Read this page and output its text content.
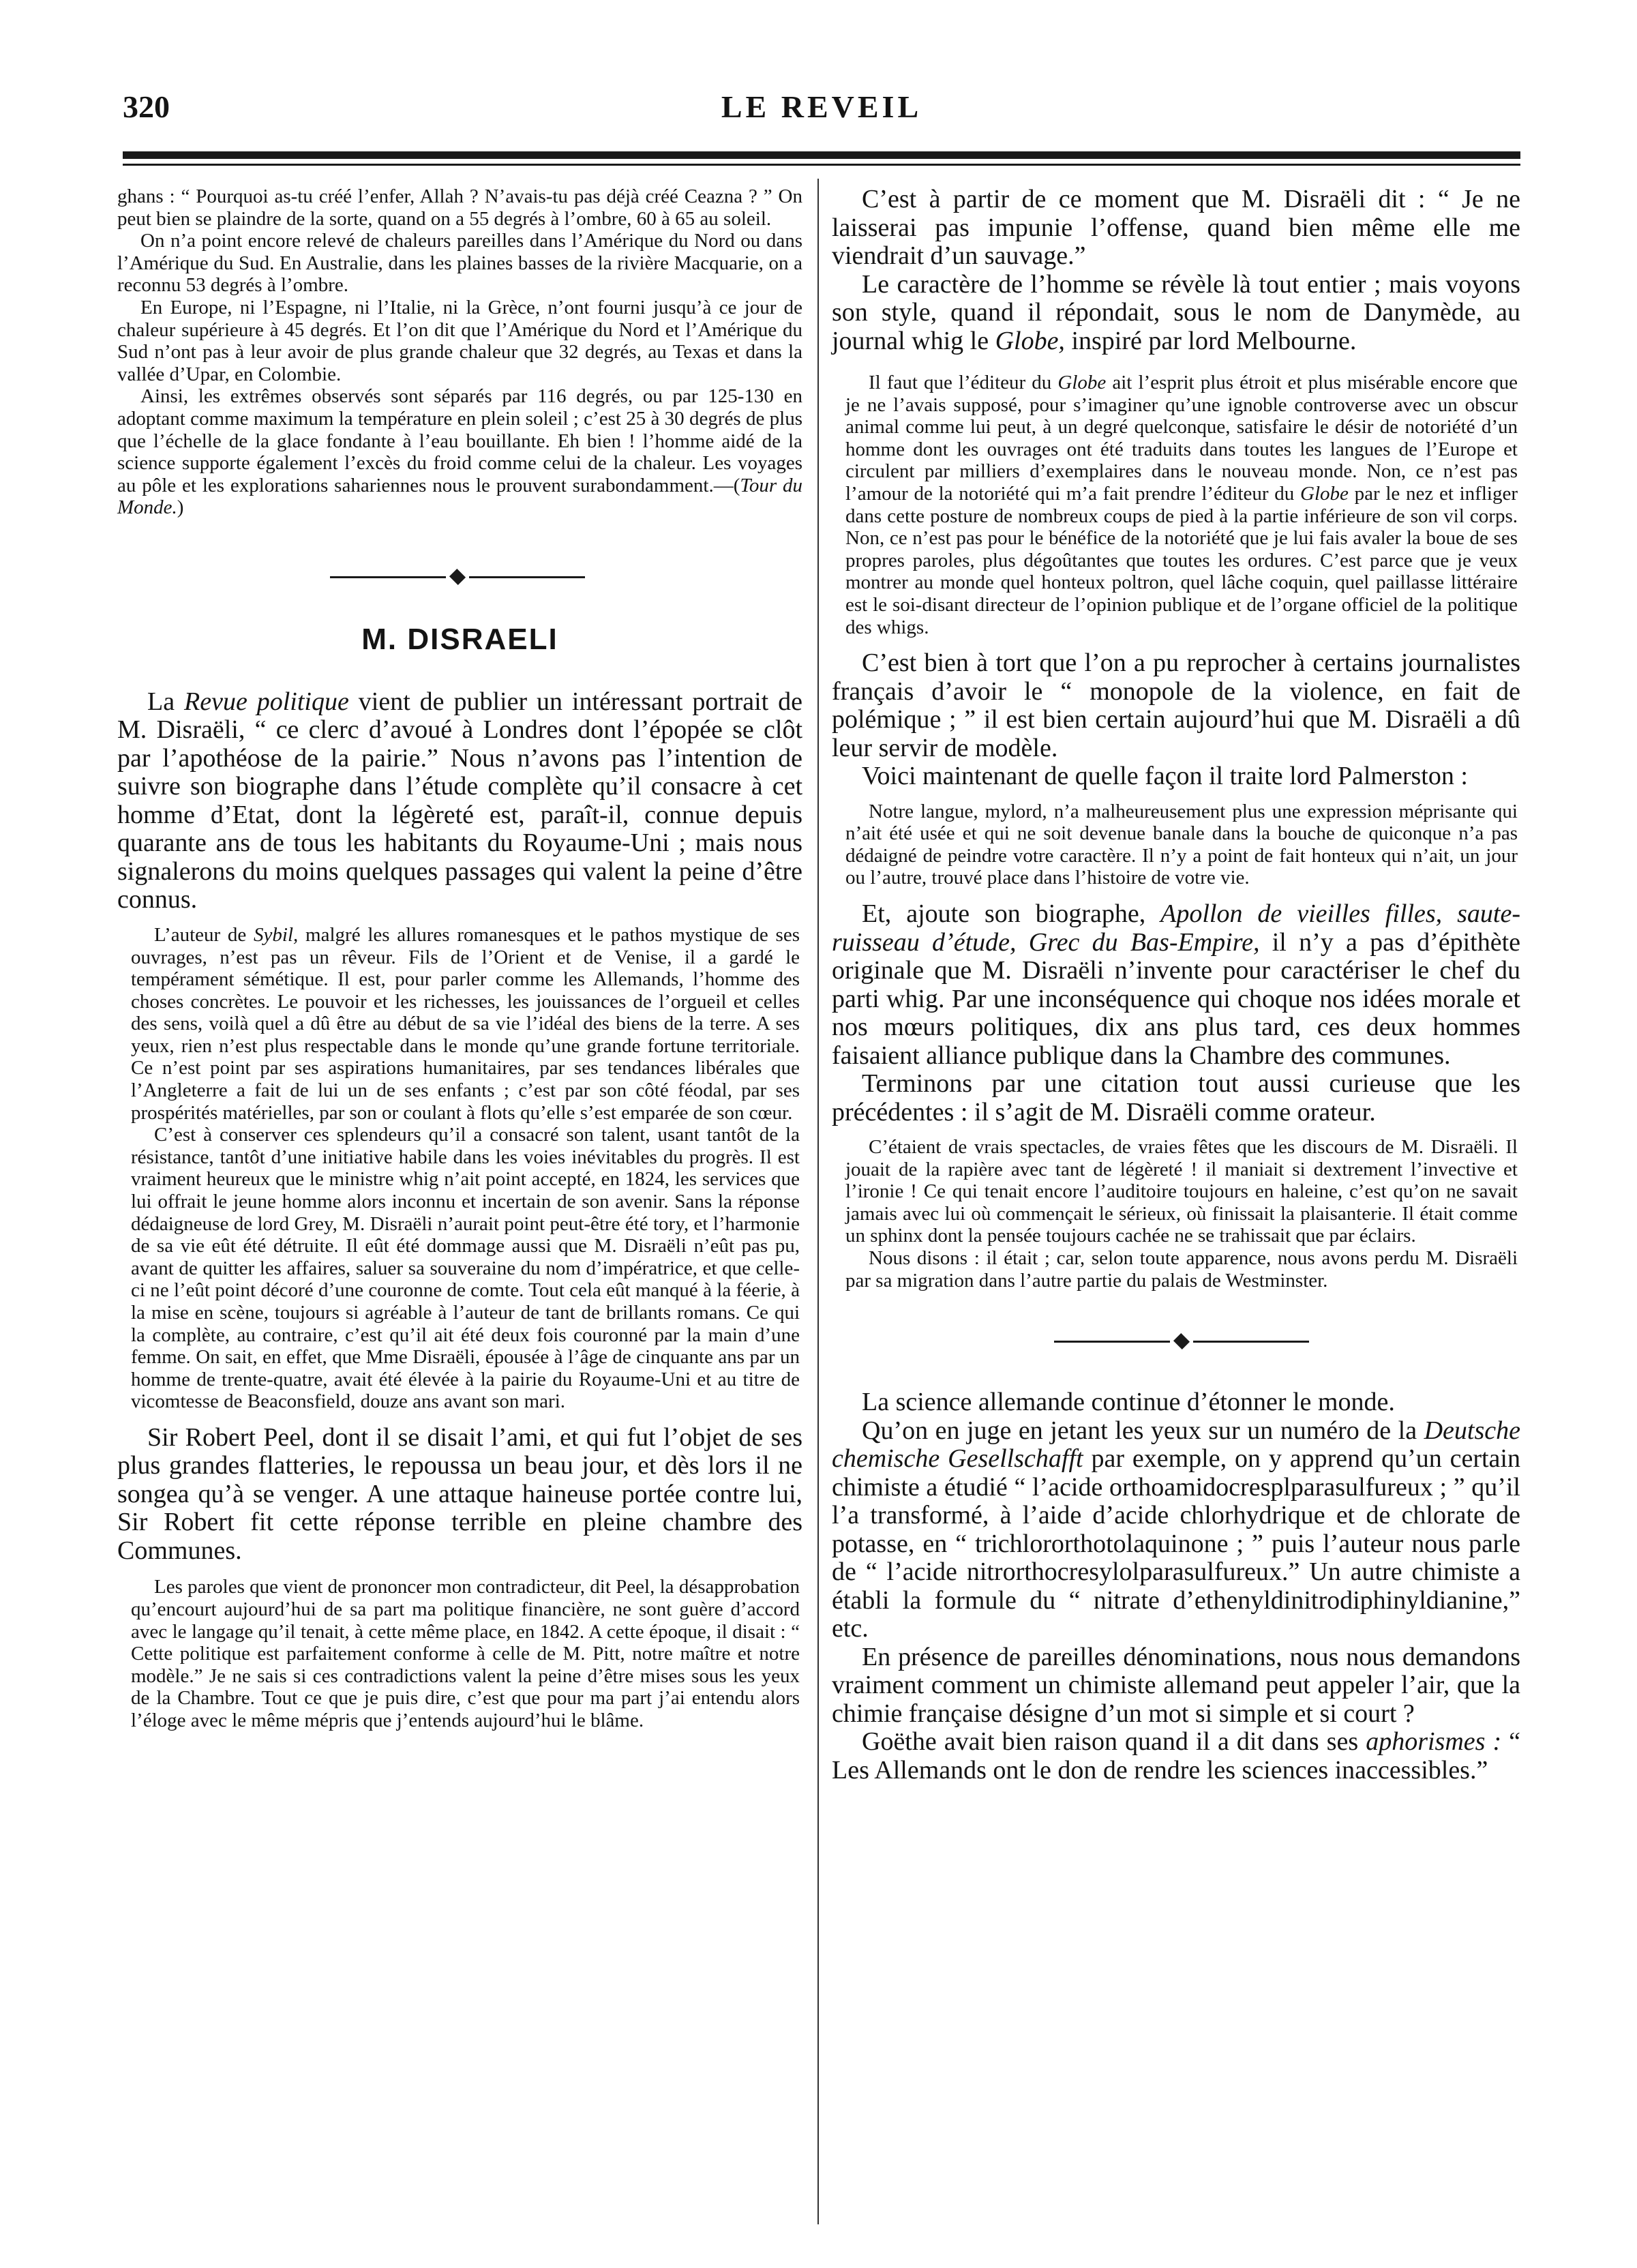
320	LE REVEIL

ghans : “ Pourquoi as-tu créé l’enfer, Allah ? N’avais-tu pas déjà créé Ceazna ? ” On peut bien se plaindre de la sorte, quand on a 55 degrés à l’ombre, 60 à 65 au soleil.

On n’a point encore relevé de chaleurs pareilles dans l’Amérique du Nord ou dans l’Amérique du Sud. En Australie, dans les plaines basses de la rivière Macquarie, on a reconnu 53 degrés à l’ombre.

En Europe, ni l’Espagne, ni l’Italie, ni la Grèce, n’ont fourni jusqu’à ce jour de chaleur supérieure à 45 degrés. Et l’on dit que l’Amérique du Nord et l’Amérique du Sud n’ont pas à leur avoir de plus grande chaleur que 32 degrés, au Texas et dans la vallée d’Upar, en Colombie.

Ainsi, les extrêmes observés sont séparés par 116 degrés, ou par 125-130 en adoptant comme maximum la température en plein soleil ; c’est 25 à 30 degrés de plus que l’échelle de la glace fondante à l’eau bouillante. Eh bien ! l’homme aidé de la science supporte également l’excès du froid comme celui de la chaleur. Les voyages au pôle et les explorations sahariennes nous le prouvent surabondamment.—(Tour du Monde.)

M. DISRAELI

La Revue politique vient de publier un intéressant portrait de M. Disraëli, “ ce clerc d’avoué à Londres dont l’épopée se clôt par l’apothéose de la pairie.” Nous n’avons pas l’intention de suivre son biographe dans l’étude complète qu’il consacre à cet homme d’Etat, dont la légèreté est, paraît-il, connue depuis quarante ans de tous les habitants du Royaume-Uni ; mais nous signalerons du moins quelques passages qui valent la peine d’être connus.

L’auteur de Sybil, malgré les allures romanesques et le pathos mystique de ses ouvrages, n’est pas un rêveur. Fils de l’Orient et de Venise, il a gardé le tempérament sémétique. Il est, pour parler comme les Allemands, l’homme des choses concrètes. Le pouvoir et les richesses, les jouissances de l’orgueil et celles des sens, voilà quel a dû être au début de sa vie l’idéal des biens de la terre. A ses yeux, rien n’est plus respectable dans le monde qu’une grande fortune territoriale. Ce n’est point par ses aspirations humanitaires, par ses tendances libérales que l’Angleterre a fait de lui un de ses enfants ; c’est par son côté féodal, par ses prospérités matérielles, par son or coulant à flots qu’elle s’est emparée de son cœur.

C’est à conserver ces splendeurs qu’il a consacré son talent, usant tantôt de la résistance, tantôt d’une initiative habile dans les voies inévitables du progrès. Il est vraiment heureux que le ministre whig n’ait point accepté, en 1824, les services que lui offrait le jeune homme alors inconnu et incertain de son avenir. Sans la réponse dédaigneuse de lord Grey, M. Disraëli n’aurait point peut-être été tory, et l’harmonie de sa vie eût été détruite. Il eût été dommage aussi que M. Disraëli n’eût pas pu, avant de quitter les affaires, saluer sa souveraine du nom d’impératrice, et que celle-ci ne l’eût point décoré d’une couronne de comte. Tout cela eût manqué à la féerie, à la mise en scène, toujours si agréable à l’auteur de tant de brillants romans. Ce qui la complète, au contraire, c’est qu’il ait été deux fois couronné par la main d’une femme. On sait, en effet, que Mme Disraëli, épousée à l’âge de cinquante ans par un homme de trente-quatre, avait été élevée à la pairie du Royaume-Uni et au titre de vicomtesse de Beaconsfield, douze ans avant son mari.

Sir Robert Peel, dont il se disait l’ami, et qui fut l’objet de ses plus grandes flatteries, le repoussa un beau jour, et dès lors il ne songea qu’à se venger. A une attaque haineuse portée contre lui, Sir Robert fit cette réponse terrible en pleine chambre des Communes.

Les paroles que vient de prononcer mon contradicteur, dit Peel, la désapprobation qu’encourt aujourd’hui de sa part ma politique financière, ne sont guère d’accord avec le langage qu’il tenait, à cette même place, en 1842. A cette époque, il disait : “ Cette politique est parfaitement conforme à celle de M. Pitt, notre maître et notre modèle.” Je ne sais si ces contradictions valent la peine d’être mises sous les yeux de la Chambre. Tout ce que je puis dire, c’est que pour ma part j’ai entendu alors l’éloge avec le même mépris que j’entends aujourd’hui le blâme.

C’est à partir de ce moment que M. Disraëli dit : “ Je ne laisserai pas impunie l’offense, quand bien même elle me viendrait d’un sauvage.”

Le caractère de l’homme se révèle là tout entier ; mais voyons son style, quand il répondait, sous le nom de Danymède, au journal whig le Globe, inspiré par lord Melbourne.

Il faut que l’éditeur du Globe ait l’esprit plus étroit et plus misérable encore que je ne l’avais supposé, pour s’imaginer qu’une ignoble controverse avec un obscur animal comme lui peut, à un degré quelconque, satisfaire le désir de notoriété d’un homme dont les ouvrages ont été traduits dans toutes les langues de l’Europe et circulent par milliers d’exemplaires dans le nouveau monde. Non, ce n’est pas l’amour de la notoriété qui m’a fait prendre l’éditeur du Globe par le nez et infliger dans cette posture de nombreux coups de pied à la partie inférieure de son vil corps. Non, ce n’est pas pour le bénéfice de la notoriété que je lui fais avaler la boue de ses propres paroles, plus dégoûtantes que toutes les ordures. C’est parce que je veux montrer au monde quel honteux poltron, quel lâche coquin, quel paillasse littéraire est le soi-disant directeur de l’opinion publique et de l’organe officiel de la politique des whigs.

C’est bien à tort que l’on a pu reprocher à certains journalistes français d’avoir le “ monopole de la violence, en fait de polémique ; ” il est bien certain aujourd’hui que M. Disraëli a dû leur servir de modèle.

Voici maintenant de quelle façon il traite lord Palmerston :

Notre langue, mylord, n’a malheureusement plus une expression méprisante qui n’ait été usée et qui ne soit devenue banale dans la bouche de quiconque n’a pas dédaigné de peindre votre caractère. Il n’y a point de fait honteux qui n’ait, un jour ou l’autre, trouvé place dans l’histoire de votre vie.

Et, ajoute son biographe, Apollon de vieilles filles, saute-ruisseau d’étude, Grec du Bas-Empire, il n’y a pas d’épithète originale que M. Disraëli n’invente pour caractériser le chef du parti whig. Par une inconséquence qui choque nos idées morale et nos mœurs politiques, dix ans plus tard, ces deux hommes faisaient alliance publique dans la Chambre des communes.

Terminons par une citation tout aussi curieuse que les précédentes : il s’agit de M. Disraëli comme orateur.

C’étaient de vrais spectacles, de vraies fêtes que les discours de M. Disraëli. Il jouait de la rapière avec tant de légèreté ! il maniait si dextrement l’invective et l’ironie ! Ce qui tenait encore l’auditoire toujours en haleine, c’est qu’on ne savait jamais avec lui où commençait le sérieux, où finissait la plaisanterie. Il était comme un sphinx dont la pensée toujours cachée ne se trahissait que par éclairs.

Nous disons : il était ; car, selon toute apparence, nous avons perdu M. Disraëli par sa migration dans l’autre partie du palais de Westminster.

La science allemande continue d’étonner le monde.

Qu’on en juge en jetant les yeux sur un numéro de la Deutsche chemische Gesellschafft par exemple, on y apprend qu’un certain chimiste a étudié “ l’acide orthoamidocresplparasulfureux ; ” qu’il l’a transformé, à l’aide d’acide chlorhydrique et de chlorate de potasse, en “ trichlororthotolaquinone ; ” puis l’auteur nous parle de “ l’acide nitrorthocresylolparasulfureux.” Un autre chimiste a établi la formule du “ nitrate d’ethenyldinitrodiphinyldianine,” etc.

En présence de pareilles dénominations, nous nous demandons vraiment comment un chimiste allemand peut appeler l’air, que la chimie française désigne d’un mot si simple et si court ?

Goëthe avait bien raison quand il a dit dans ses aphorismes : “ Les Allemands ont le don de rendre les sciences inaccessibles.”
